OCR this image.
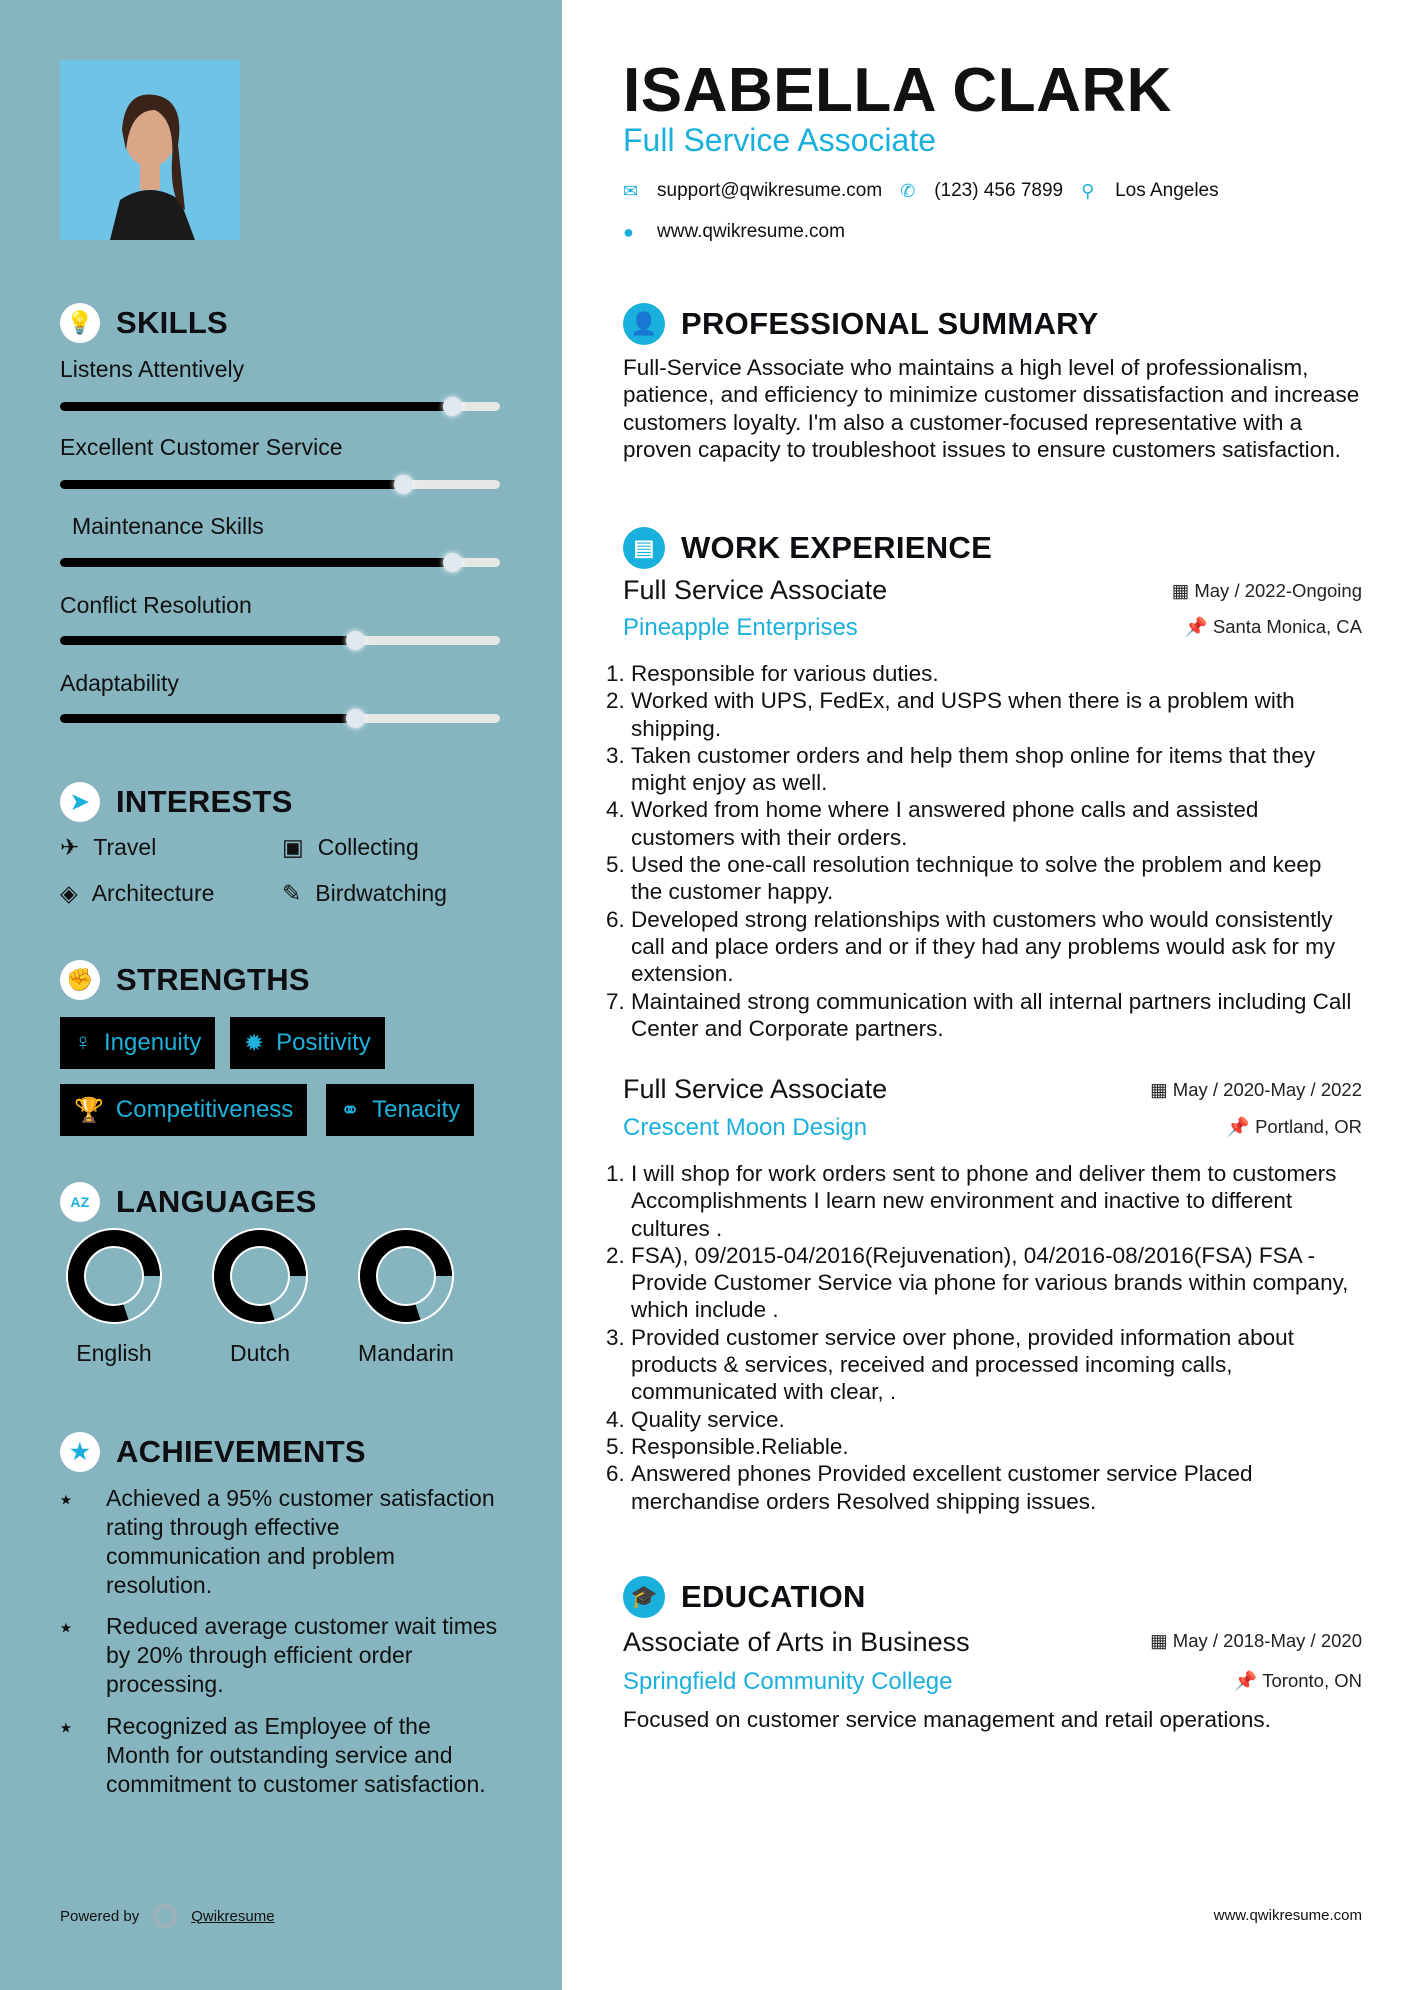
💡 SKILLS
Listens Attentively
Excellent Customer Service
Maintenance Skills
Conflict Resolution
Adaptability
➤ INTERESTS
✈ Travel	▣ Collecting
◈ Architecture	✎ Birdwatching
✊ STRENGTHS
♀ Ingenuity ✹ Positivity
🏆 Competitiveness ⚭ Tenacity
AZ LANGUAGES
English	Dutch	Mandarin
★ ACHIEVEMENTS
⭑	Achieved a 95% customer satisfaction rating through effective communication and problem resolution.
⭑	Reduced average customer wait times by 20% through efficient order processing.
⭑	Recognized as Employee of the Month for outstanding service and commitment to customer satisfaction.
Powered by	Qwikresume
ISABELLA CLARK
Full Service Associate
✉ support@qwikresume.com ✆ (123) 456 7899 ⚲	Los Angeles
●	www.qwikresume.com
👤 PROFESSIONAL SUMMARY
Full-Service Associate who maintains a high level of professionalism, patience, and efficiency to minimize customer dissatisfaction and increase customers loyalty. I'm also a customer-focused representative with a proven capacity to troubleshoot issues to ensure customers satisfaction.
▤ WORK EXPERIENCE
Full Service Associate
Pineapple Enterprises
▦ May / 2022-Ongoing
📌 Santa Monica, CA
1. Responsible for various duties.
2. Worked with UPS, FedEx, and USPS when there is a problem with shipping.
3. Taken customer orders and help them shop online for items that they might enjoy as well.
4. Worked from home where I answered phone calls and assisted customers with their orders.
5. Used the one-call resolution technique to solve the problem and keep the customer happy.
6. Developed strong relationships with customers who would consistently call and place orders and or if they had any problems would ask for my extension.
7. Maintained strong communication with all internal partners including Call Center and Corporate partners.
Full Service Associate
Crescent Moon Design
▦ May / 2020-May / 2022
📌 Portland, OR
1. I will shop for work orders sent to phone and deliver them to customers Accomplishments I learn new environment and inactive to different cultures .
2. FSA), 09/2015-04/2016(Rejuvenation), 04/2016-08/2016(FSA) FSA -Provide Customer Service via phone for various brands within company, which include .
3. Provided customer service over phone, provided information about products & services, received and processed incoming calls, communicated with clear, .
4. Quality service.
5. Responsible.Reliable.
6. Answered phones Provided excellent customer service Placed merchandise orders Resolved shipping issues.
🎓 EDUCATION
Associate of Arts in Business
Springfield Community College
▦ May / 2018-May / 2020
📌 Toronto, ON
Focused on customer service management and retail operations.
www.qwikresume.com
